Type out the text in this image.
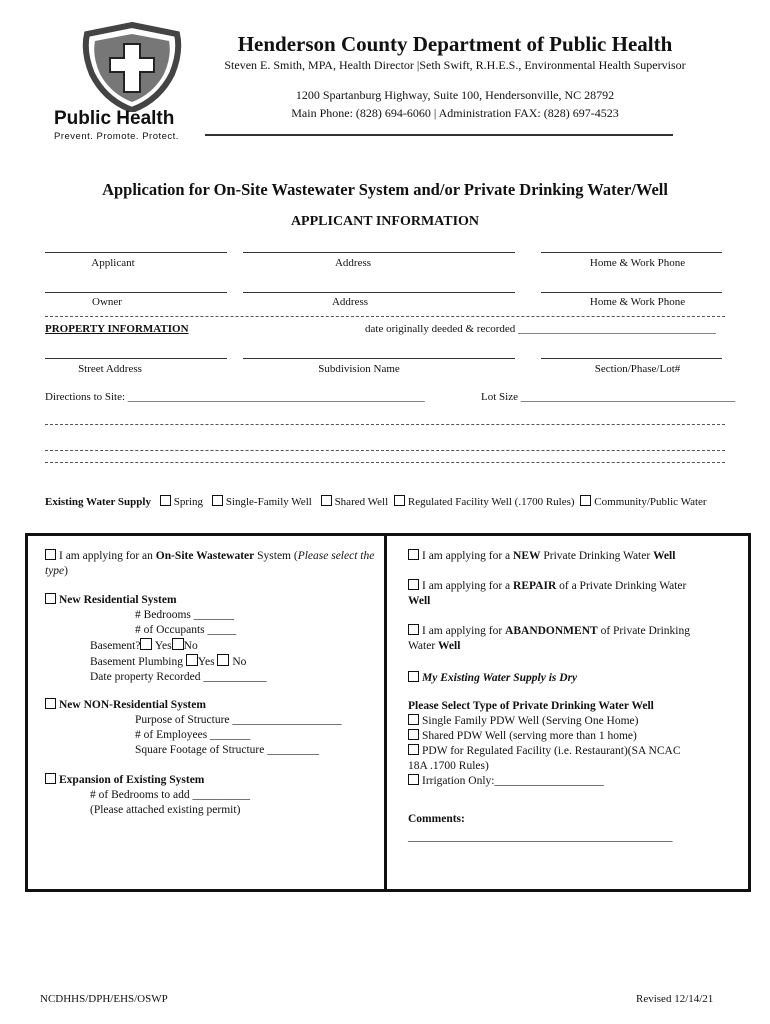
Public Health
Prevent. Promote. Protect.
Henderson County Department of Public Health
Steven E. Smith, MPA, Health Director |Seth Swift, R.H.E.S., Environmental Health Supervisor
1200 Spartanburg Highway, Suite 100, Hendersonville, NC 28792
Main Phone: (828) 694-6060 | Administration FAX: (828) 697-4523
Application for On-Site Wastewater System and/or Private Drinking Water/Well
APPLICANT INFORMATION
Applicant	Address	Home & Work Phone
Owner	Address	Home & Work Phone
PROPERTY INFORMATION	date originally deeded & recorded ____________________________________
Street Address	Subdivision Name	Section/Phase/Lot#
Directions to Site: ______________________________________________________	Lot Size _______________________________________
Existing Water Supply Spring Single-Family Well Shared Well Regulated Facility Well (.1700 Rules) Community/Public Water
I am applying for an On-Site Wastewater System (Please select the type)
New Residential System
# Bedrooms _______
# of Occupants _____
Basement? Yes No
Basement Plumbing Yes No
Date property Recorded ___________
New NON-Residential System
Purpose of Structure ___________________
# of Employees _______
Square Footage of Structure _________
Expansion of Existing System
# of Bedrooms to add __________
(Please attached existing permit)
I am applying for a NEW Private Drinking Water Well
I am applying for a REPAIR of a Private Drinking Water
Well
I am applying for ABANDONMENT of Private Drinking
Water Well
My Existing Water Supply is Dry
Please Select Type of Private Drinking Water Well
Single Family PDW Well (Serving One Home)
Shared PDW Well (serving more than 1 home)
PDW for Regulated Facility (i.e. Restaurant)(SA NCAC
18A .1700 Rules)
Irrigation Only:___________________
Comments:
______________________________________________
NCDHHS/DPH/EHS/OSWP	Revised 12/14/21
